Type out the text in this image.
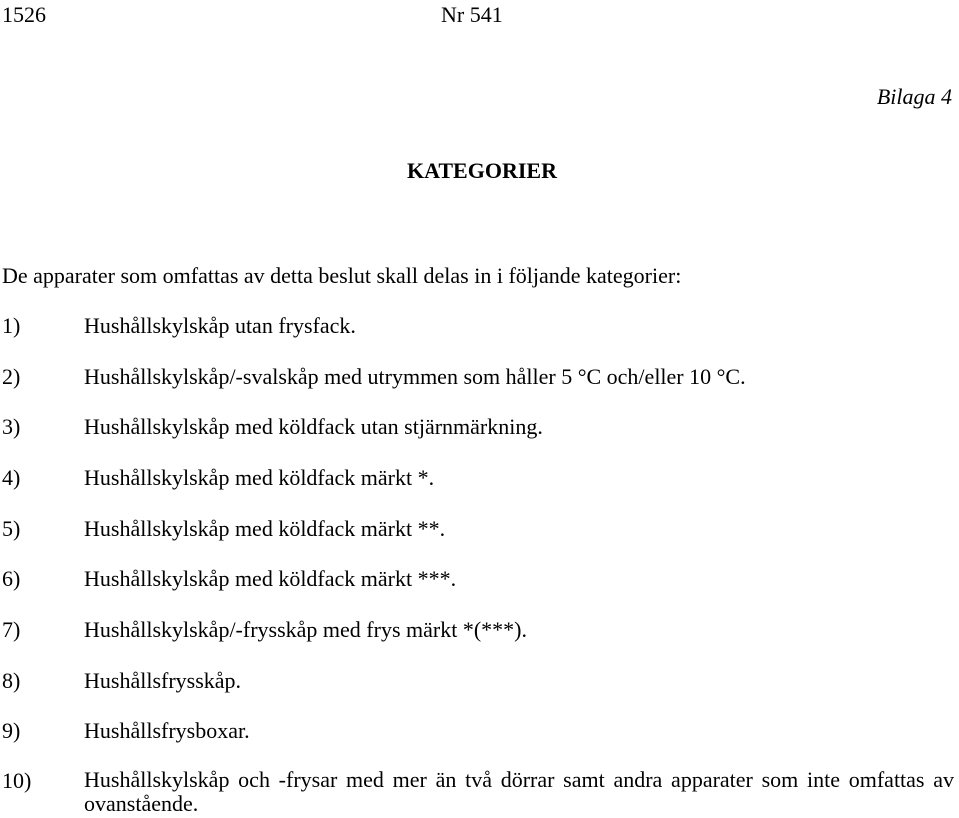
1526	Nr 541
Bilaga 4
KATEGORIER
De apparater som omfattas av detta beslut skall delas in i följande kategorier:
1)	Hushållskylskåp utan frysfack.
2)	Hushållskylskåp/-svalskåp med utrymmen som håller 5 °C och/eller 10 °C.
3)	Hushållskylskåp med köldfack utan stjärnmärkning.
4)	Hushållskylskåp med köldfack märkt *.
5)	Hushållskylskåp med köldfack märkt **.
6)	Hushållskylskåp med köldfack märkt ***.
7)	Hushållskylskåp/-frysskåp med frys märkt *(***).
8)	Hushållsfrysskåp.
9)	Hushållsfrysboxar.
10) Hushållskylskåp och -frysar med mer än två dörrar samt andra apparater som inte omfattas av ovanstående.
